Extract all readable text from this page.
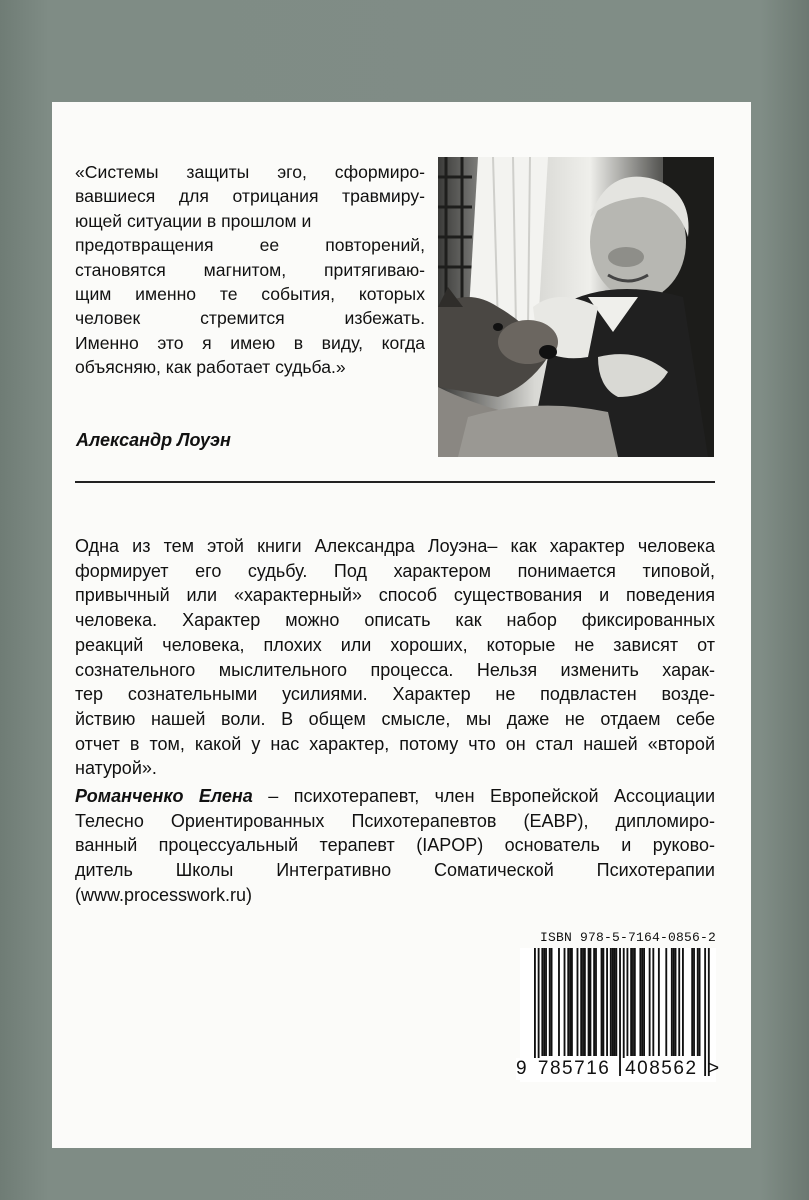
«Системы защиты эго, сформиро-
вавшиеся для отрицания травмиру-
ющей ситуации в прошлом и
предотвращения ее повторений,
становятся магнитом, притягиваю-
щим именно те события, которых
человек стремится избежать.
Именно это я имею в виду, когда
объясняю, как работает судьба.»
Александр Лоуэн
Одна из тем этой книги Александра Лоуэна– как характер человека
формирует его судьбу. Под характером понимается типовой,
привычный или «характерный» способ существования и поведения
человека. Характер можно описать как набор фиксированных
реакций человека, плохих или хороших, которые не зависят от
сознательного мыслительного процесса. Нельзя изменить харак-
тер сознательными усилиями. Характер не подвластен возде-
йствию нашей воли. В общем смысле, мы даже не отдаем себе
отчет в том, какой у нас характер, потому что он стал нашей «второй
натурой».
Романченко Елена – психотерапевт, член Европейской Ассоциации
Телесно Ориентированных Психотерапевтов (ЕАВР), дипломиро-
ванный процессуальный терапевт (IAPOP) основатель и руково-
дитель Школы Интегративно Соматической Психотерапии
(www.processwork.ru)
ISBN 978-5-7164-0856-2
9 785716 408562 >
